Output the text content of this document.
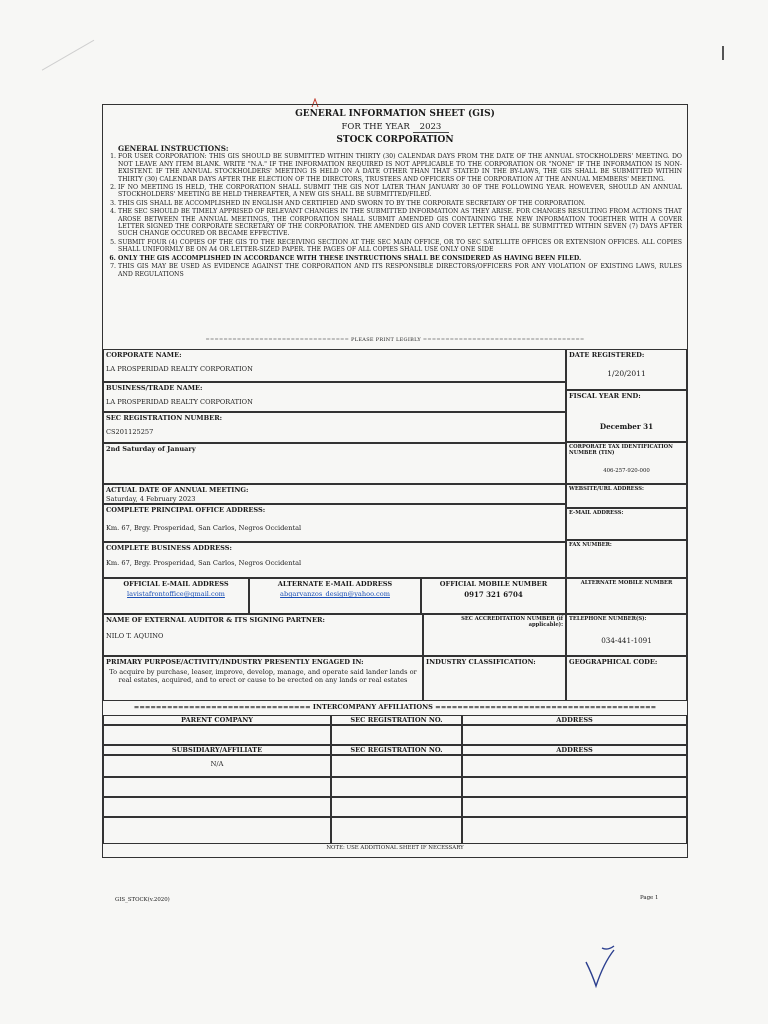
GENERAL INFORMATION SHEET (GIS)
FOR THE YEAR 2023
STOCK CORPORATION
GENERAL INSTRUCTIONS:
1. FOR USER CORPORATION: THIS GIS SHOULD BE SUBMITTED WITHIN THIRTY (30) CALENDAR DAYS FROM THE DATE OF THE ANNUAL STOCKHOLDERS' MEETING. DO NOT LEAVE ANY ITEM BLANK. WRITE "N.A." IF THE INFORMATION REQUIRED IS NOT APPLICABLE TO THE CORPORATION OR "NONE" IF THE INFORMATION IS NON-EXISTENT. IF THE ANNUAL STOCKHOLDERS' MEETING IS HELD ON A DATE OTHER THAN THAT STATED IN THE BY-LAWS, THE GIS SHALL BE SUBMITTED WITHIN THIRTY (30) CALENDAR DAYS AFTER THE ELECTION OF THE DIRECTORS, TRUSTEES AND OFFICERS OF THE CORPORATION AT THE ANNUAL MEMBERS' MEETING.
2. IF NO MEETING IS HELD, THE CORPORATION SHALL SUBMIT THE GIS NOT LATER THAN JANUARY 30 OF THE FOLLOWING YEAR. HOWEVER, SHOULD AN ANNUAL STOCKHOLDERS' MEETING BE HELD THEREAFTER, A NEW GIS SHALL BE SUBMITTED/FILED.
3. THIS GIS SHALL BE ACCOMPLISHED IN ENGLISH AND CERTIFIED AND SWORN TO BY THE CORPORATE SECRETARY OF THE CORPORATION.
4. THE SEC SHOULD BE TIMELY APPRISED OF RELEVANT CHANGES IN THE SUBMITTED INFORMATION AS THEY ARISE. FOR CHANGES RESULTING FROM ACTIONS THAT AROSE BETWEEN THE ANNUAL MEETINGS, THE CORPORATION SHALL SUBMIT AMENDED GIS CONTAINING THE NEW INFORMATION TOGETHER WITH A COVER LETTER SIGNED THE CORPORATE SECRETARY OF THE CORPORATION. THE AMENDED GIS AND COVER LETTER SHALL BE SUBMITTED WITHIN SEVEN (7) DAYS AFTER SUCH CHANGE OCCURED OR BECAME EFFECTIVE.
5. SUBMIT FOUR (4) COPIES OF THE GIS TO THE RECEIVING SECTION AT THE SEC MAIN OFFICE, OR TO SEC SATELLITE OFFICES OR EXTENSION OFFICES. ALL COPIES SHALL UNIFORMLY BE ON A4 OR LETTER-SIZED PAPER. THE PAGES OF ALL COPIES SHALL USE ONLY ONE SIDE
6. ONLY THE GIS ACCOMPLISHED IN ACCORDANCE WITH THESE INSTRUCTIONS SHALL BE CONSIDERED AS HAVING BEEN FILED.
7. THIS GIS MAY BE USED AS EVIDENCE AGAINST THE CORPORATION AND ITS RESPONSIBLE DIRECTORS/OFFICERS FOR ANY VIOLATION OF EXISTING LAWS, RULES AND REGULATIONS
================================ PLEASE PRINT LEGIBLY ====================================
CORPORATE NAME:
LA PROSPERIDAD REALTY CORPORATION
BUSINESS/TRADE NAME:
LA PROSPERIDAD REALTY CORPORATION
SEC REGISTRATION NUMBER:
CS201125257
2nd Saturday of January
ACTUAL DATE OF ANNUAL MEETING:
Saturday, 4 February 2023
COMPLETE PRINCIPAL OFFICE ADDRESS:
Km. 67, Brgy. Prosperidad, San Carlos, Negros Occidental
COMPLETE BUSINESS ADDRESS:
Km. 67, Brgy. Prosperidad, San Carlos, Negros Occidental
DATE REGISTERED:
1/20/2011
FISCAL YEAR END:
December 31
CORPORATE TAX IDENTIFICATION NUMBER (TIN)
406-257-920-000
WEBSITE/URL ADDRESS:
E-MAIL ADDRESS:
FAX NUMBER:
OFFICIAL E-MAIL ADDRESS
lavistafrontoffice@gmail.com
ALTERNATE E-MAIL ADDRESS
abgarvanzos_design@yahoo.com
OFFICIAL MOBILE NUMBER
0917 321 6704
ALTERNATE MOBILE NUMBER
NAME OF EXTERNAL AUDITOR & ITS SIGNING PARTNER:
NILO T. AQUINO
SEC ACCREDITATION NUMBER (if applicable):
TELEPHONE NUMBER(S):
034-441-1091
PRIMARY PURPOSE/ACTIVITY/INDUSTRY PRESENTLY ENGAGED IN:
To acquire by purchase, leaser, improve, develop, manage, and operate said lander lands or real estates, acquired, and to erect or cause to be erected on any lands or real estates
INDUSTRY CLASSIFICATION:	GEOGRAPHICAL CODE:
================================ INTERCOMPANY AFFILIATIONS ========================================
PARENT COMPANY	SEC REGISTRATION NO.	ADDRESS
SUBSIDIARY/AFFILIATE	SEC REGISTRATION NO.	ADDRESS
N/A
NOTE: USE ADDITIONAL SHEET IF NECESSARY
GIS_STOCK(v.2020)	Page 1
